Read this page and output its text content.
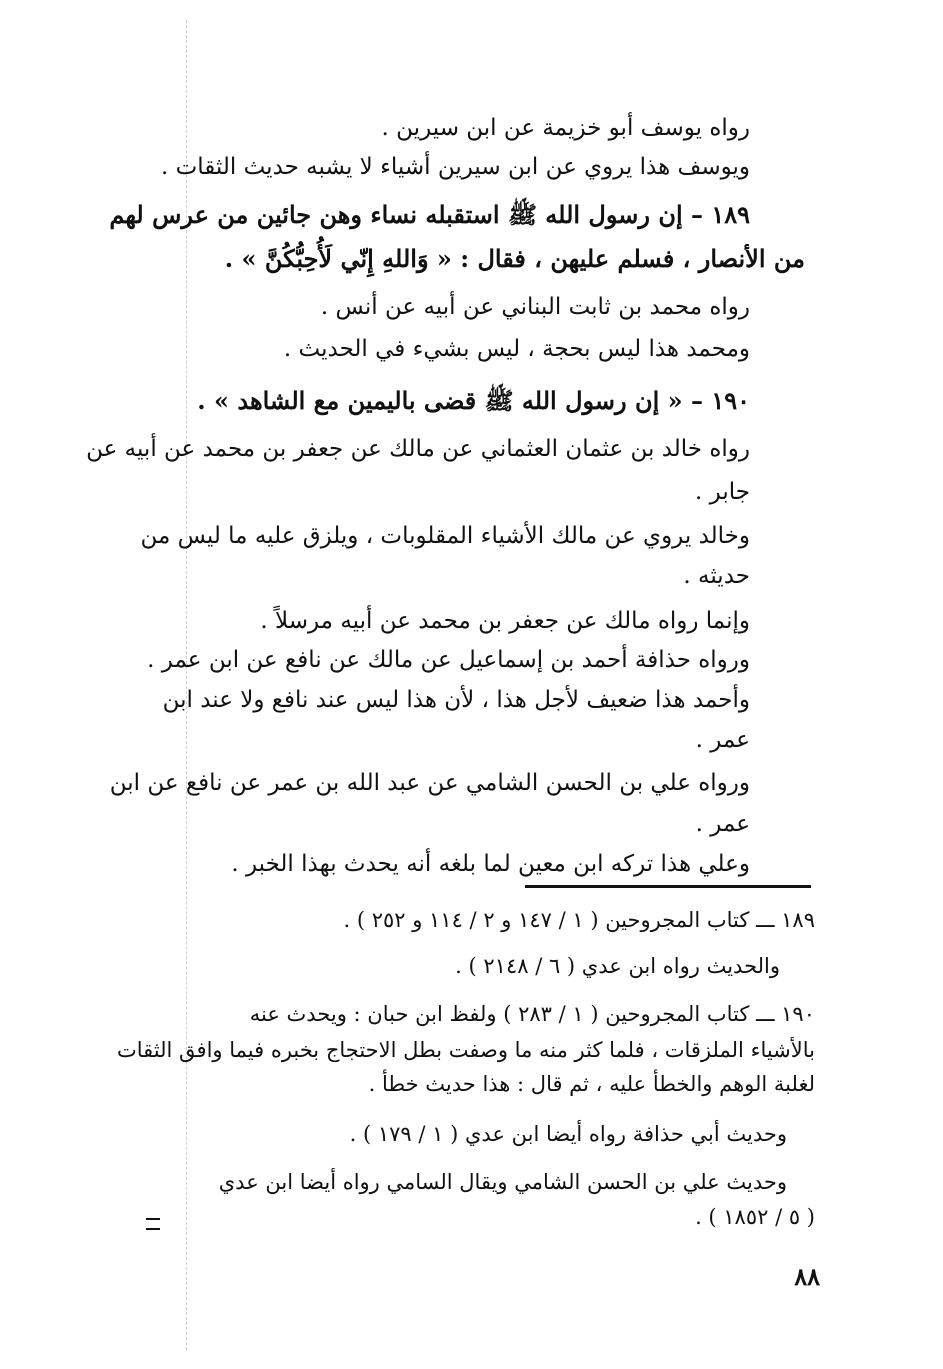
رواه يوسف أبو خزيمة عن ابن سيرين .
ويوسف هذا يروي عن ابن سيرين أشياء لا يشبه حديث الثقات .
١٨٩ – إن رسول الله ﷺ استقبله نساء وهن جائين من عرس لهم
من الأنصار ، فسلم عليهن ، فقال : « وَاللهِ إِنّي لَأُحِبُّكُنَّ » .
رواه محمد بن ثابت البناني عن أبيه عن أنس .
ومحمد هذا ليس بحجة ، ليس بشيء في الحديث .
١٩٠ – « إن رسول الله ﷺ قضى باليمين مع الشاهد » .
رواه خالد بن عثمان العثماني عن مالك عن جعفر بن محمد عن أبيه عن
جابر .
وخالد يروي عن مالك الأشياء المقلوبات ، ويلزق عليه ما ليس من
حديثه .
وإنما رواه مالك عن جعفر بن محمد عن أبيه مرسلاً .
ورواه حذافة أحمد بن إسماعيل عن مالك عن نافع عن ابن عمر .
وأحمد هذا ضعيف لأجل هذا ، لأن هذا ليس عند نافع ولا عند ابن
عمر .
ورواه علي بن الحسن الشامي عن عبد الله بن عمر عن نافع عن ابن
عمر .
وعلي هذا تركه ابن معين لما بلغه أنه يحدث بهذا الخبر .
١٨٩ ـــ كتاب المجروحين ( ١ / ١٤٧ و ٢ / ١١٤ و ٢٥٢ ) .
والحديث رواه ابن عدي ( ٦ / ٢١٤٨ ) .
١٩٠ ـــ كتاب المجروحين ( ١ / ٢٨٣ ) ولفظ ابن حبان : ويحدث عنه
بالأشياء الملزقات ، فلما كثر منه ما وصفت بطل الاحتجاج بخبره فيما وافق الثقات
لغلبة الوهم والخطأ عليه ، ثم قال : هذا حديث خطأ .
وحديث أبي حذافة رواه أيضا ابن عدي ( ١ / ١٧٩ ) .
وحديث علي بن الحسن الشامي ويقال السامي رواه أيضا ابن عدي
( ٥ / ١٨٥٢ ) .
٨٨
